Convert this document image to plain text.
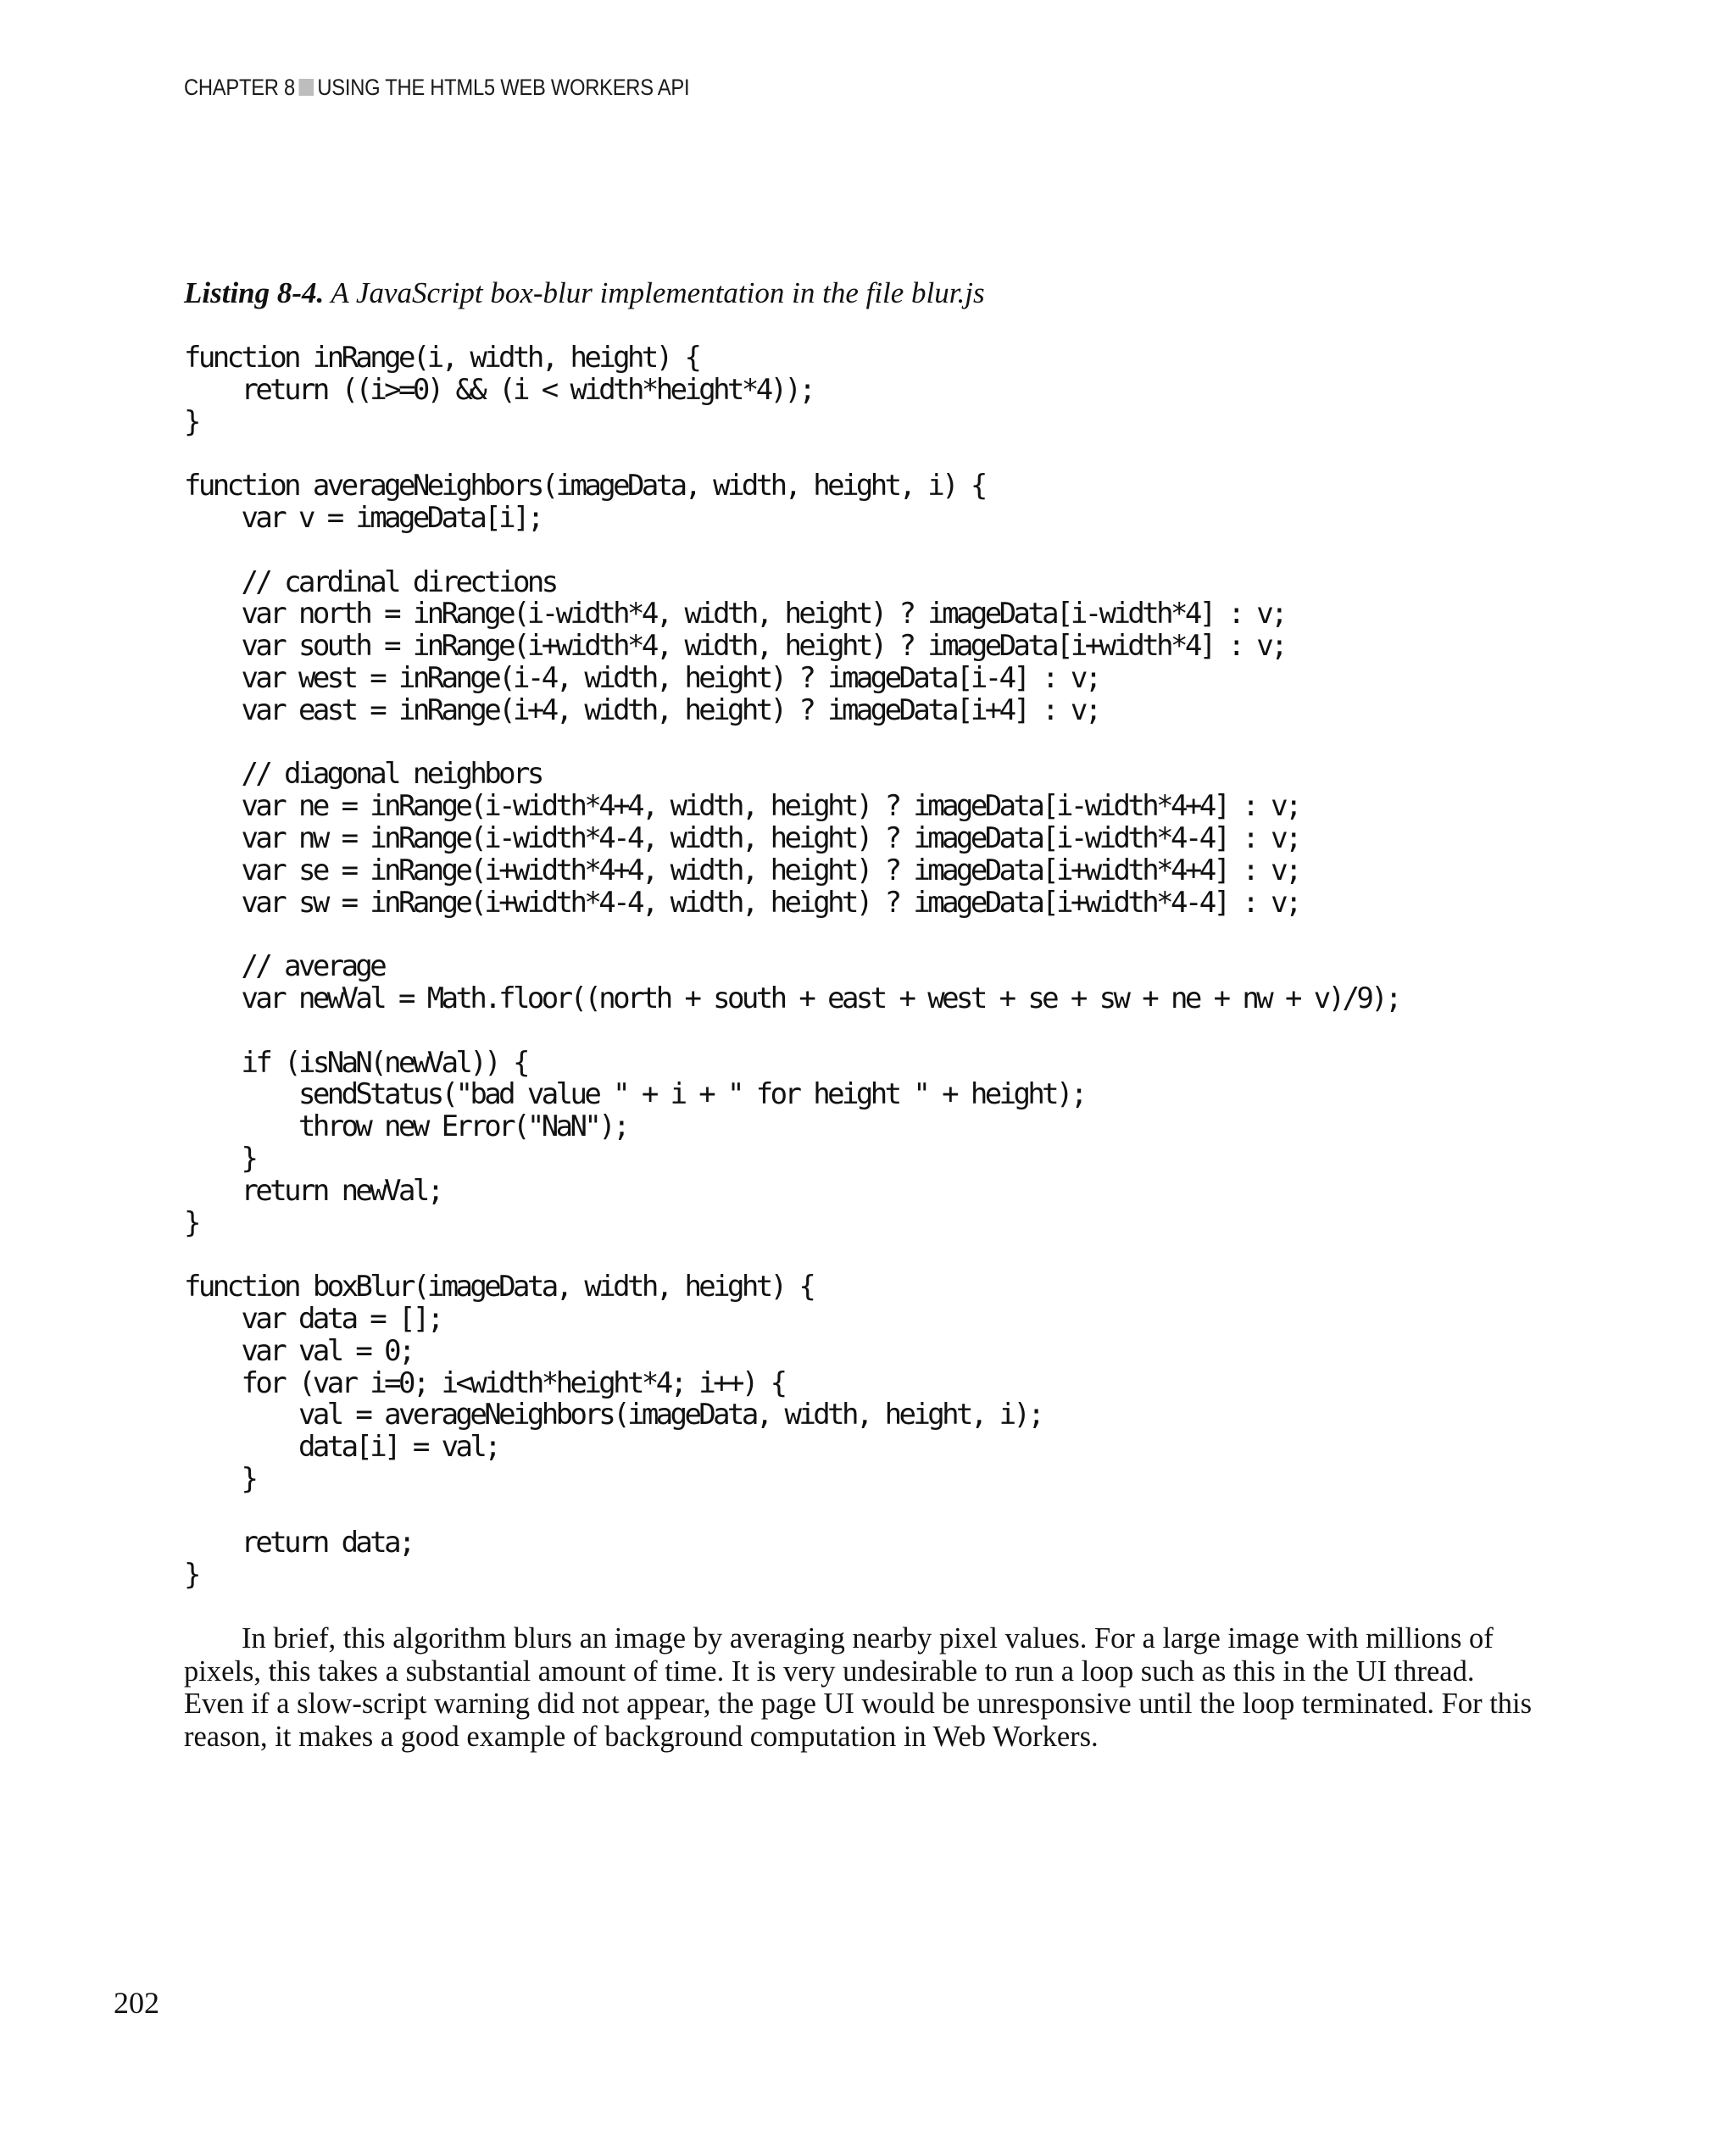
CHAPTER 8 USING THE HTML5 WEB WORKERS API
Listing 8-4. A JavaScript box-blur implementation in the file blur.js
function inRange(i, width, height) {
return ((i>=0) && (i < width*height*4));
}
function averageNeighbors(imageData, width, height, i) {
var v = imageData[i];
// cardinal directions
var north = inRange(i-width*4, width, height) ? imageData[i-width*4] : v;
var south = inRange(i+width*4, width, height) ? imageData[i+width*4] : v;
var west = inRange(i-4, width, height) ? imageData[i-4] : v;
var east = inRange(i+4, width, height) ? imageData[i+4] : v;
// diagonal neighbors
var ne = inRange(i-width*4+4, width, height) ? imageData[i-width*4+4] : v;
var nw = inRange(i-width*4-4, width, height) ? imageData[i-width*4-4] : v;
var se = inRange(i+width*4+4, width, height) ? imageData[i+width*4+4] : v;
var sw = inRange(i+width*4-4, width, height) ? imageData[i+width*4-4] : v;
// average
var newVal = Math.floor((north + south + east + west + se + sw + ne + nw + v)/9);
if (isNaN(newVal)) {
sendStatus("bad value " + i + " for height " + height);
throw new Error("NaN");
}
return newVal;
}
function boxBlur(imageData, width, height) {
var data = [];
var val = 0;
for (var i=0; i<width*height*4; i++) {
val = averageNeighbors(imageData, width, height, i);
data[i] = val;
}
return data;
}

In brief, this algorithm blurs an image by averaging nearby pixel values. For a large image with millions of pixels, this takes a substantial amount of time. It is very undesirable to run a loop such as this in the UI thread. Even if a slow-script warning did not appear, the page UI would be unresponsive until the loop terminated. For this reason, it makes a good example of background computation in Web Workers.

202
